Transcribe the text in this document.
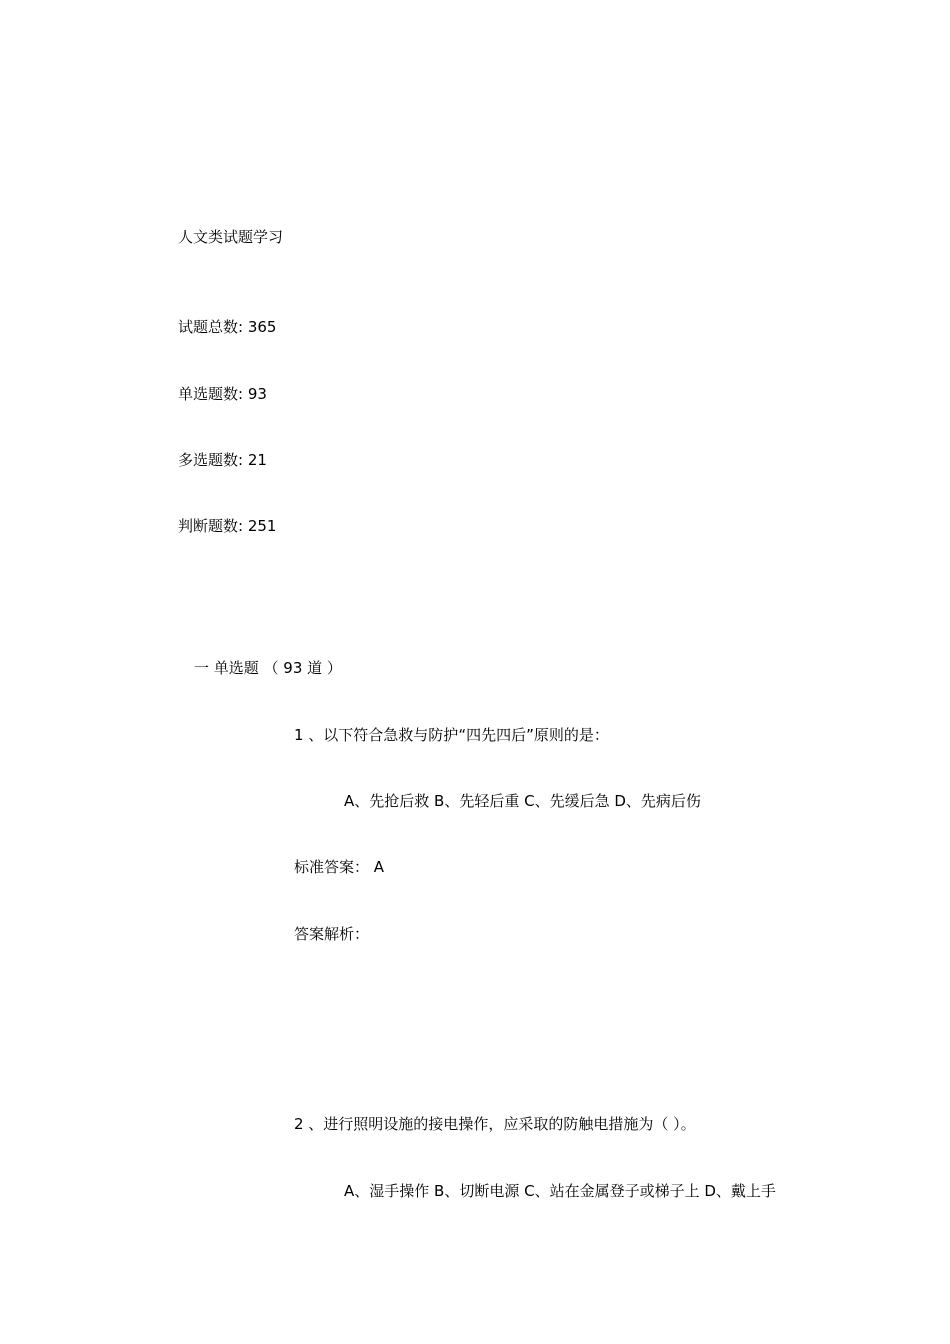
人文类试题学习
试题总数: 365
单选题数: 93
多选题数: 21
判断题数: 251
一 单选题 （ 93 道 ）
1 、以下符合急救与防护“四先四后”原则的是：
A、先抢后救 B、先轻后重 C、先缓后急 D、先病后伤
标准答案： A
答案解析：
2 、进行照明设施的接电操作，应采取的防触电措施为（ ）。
A、湿手操作 B、切断电源 C、站在金属登子或梯子上 D、戴上手
